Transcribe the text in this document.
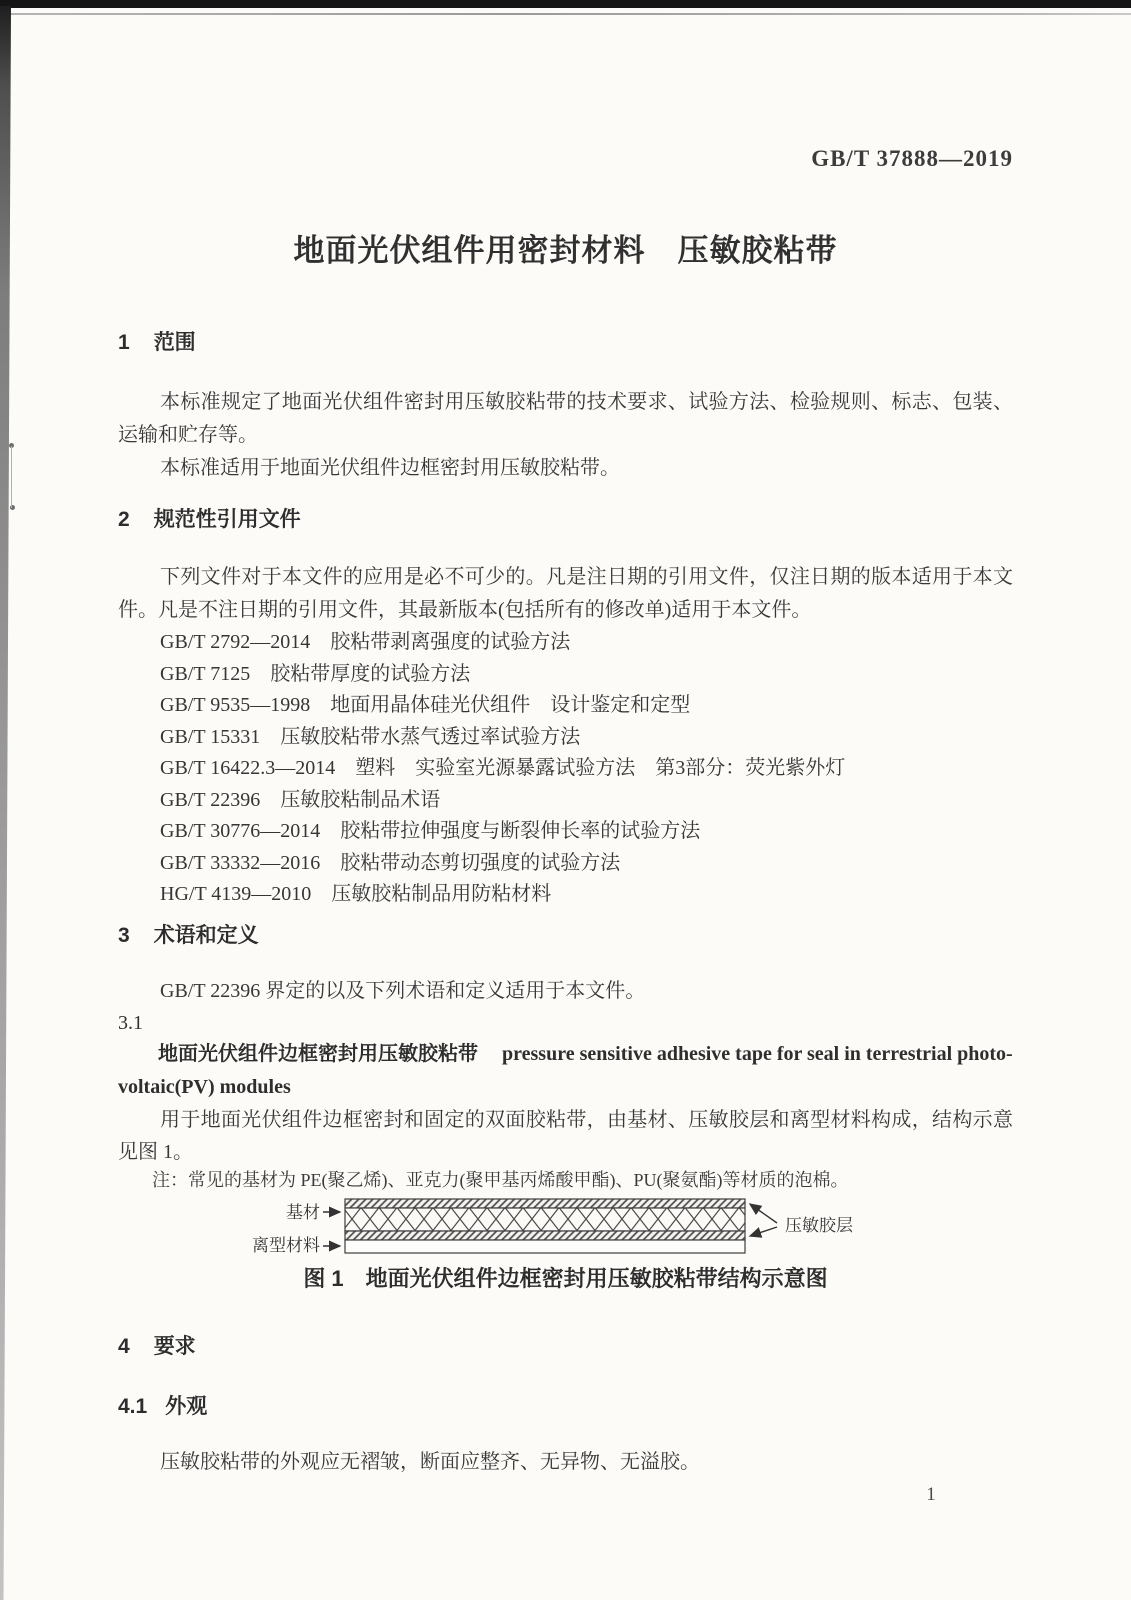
GB/T 37888—2019
地面光伏组件用密封材料　压敏胶粘带
1 范围

本标准规定了地面光伏组件密封用压敏胶粘带的技术要求、试验方法、检验规则、标志、包装、运输和贮存等。

本标准适用于地面光伏组件边框密封用压敏胶粘带。

2 规范性引用文件

下列文件对于本文件的应用是必不可少的。凡是注日期的引用文件，仅注日期的版本适用于本文件。凡是不注日期的引用文件，其最新版本(包括所有的修改单)适用于本文件。

GB/T 2792—2014　胶粘带剥离强度的试验方法
GB/T 7125　胶粘带厚度的试验方法
GB/T 9535—1998　地面用晶体硅光伏组件　设计鉴定和定型
GB/T 15331　压敏胶粘带水蒸气透过率试验方法
GB/T 16422.3—2014　塑料　实验室光源暴露试验方法　第3部分：荧光紫外灯
GB/T 22396　压敏胶粘制品术语
GB/T 30776—2014　胶粘带拉伸强度与断裂伸长率的试验方法
GB/T 33332—2016　胶粘带动态剪切强度的试验方法
HG/T 4139—2010　压敏胶粘制品用防粘材料
3 术语和定义

GB/T 22396 界定的以及下列术语和定义适用于本文件。

3.1
地面光伏组件边框密封用压敏胶粘带 pressure sensitive adhesive tape for seal in terrestrial photo-
voltaic(PV) modules

用于地面光伏组件边框密封和固定的双面胶粘带，由基材、压敏胶层和离型材料构成，结构示意见图 1。

注：常见的基材为 PE(聚乙烯)、亚克力(聚甲基丙烯酸甲酯)、PU(聚氨酯)等材质的泡棉。

基材
离型材料
压敏胶层
图 1 地面光伏组件边框密封用压敏胶粘带结构示意图
4 要求
4.1 外观

压敏胶粘带的外观应无褶皱，断面应整齐、无异物、无溢胶。

1
